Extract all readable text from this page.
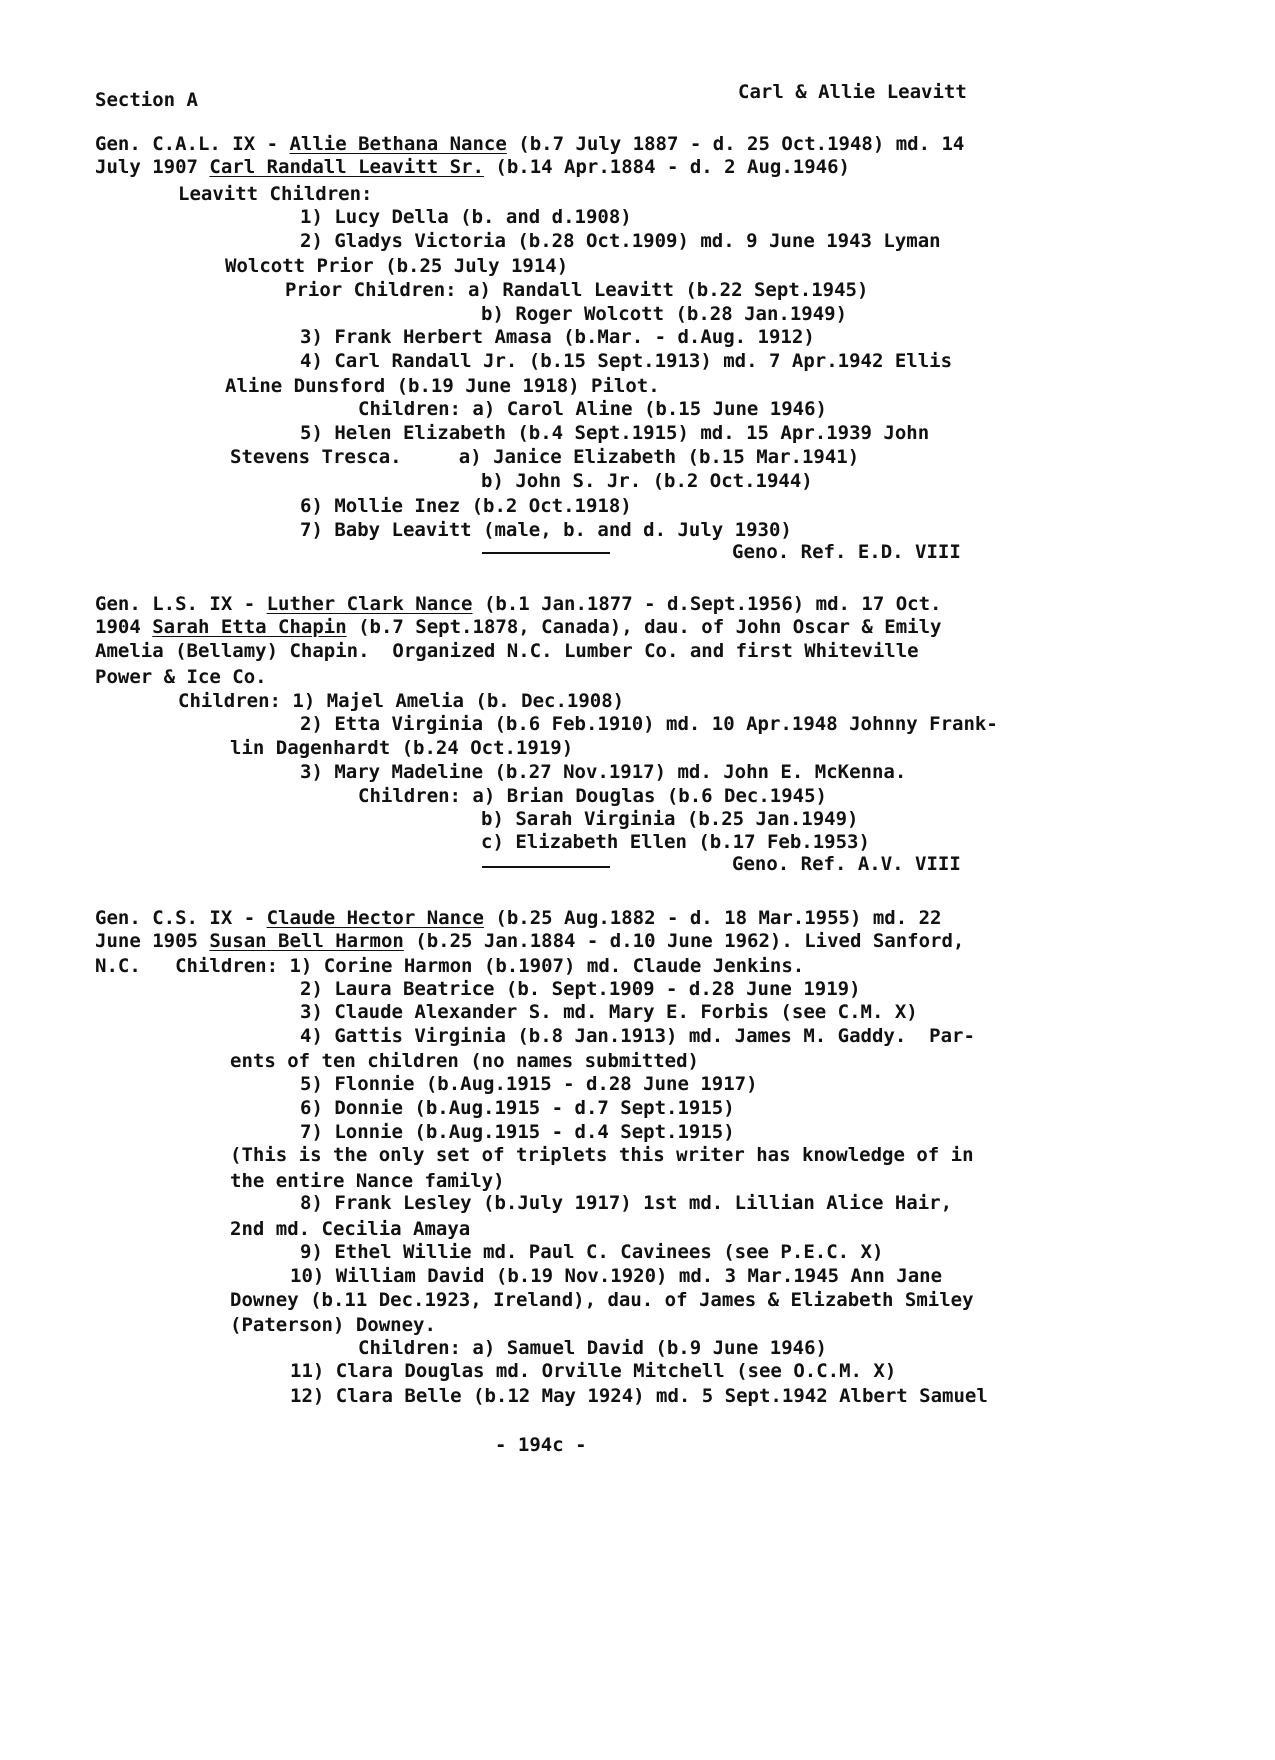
Section A

	Carl & Allie Leavitt

Gen. C.A.L. IX - Allie Bethana Nance (b.7 July 1887 - d. 25 Oct.1948) md. 14

July 1907 Carl Randall Leavitt Sr. (b.14 Apr.1884 - d. 2 Aug.1946)

Leavitt Children:

1) Lucy Della (b. and d.1908)

2) Gladys Victoria (b.28 Oct.1909) md. 9 June 1943 Lyman

Wolcott Prior (b.25 July 1914)

Prior Children: a) Randall Leavitt (b.22 Sept.1945)

b) Roger Wolcott (b.28 Jan.1949)

3) Frank Herbert Amasa (b.Mar. - d.Aug. 1912)

4) Carl Randall Jr. (b.15 Sept.1913) md. 7 Apr.1942 Ellis

Aline Dunsford (b.19 June 1918) Pilot.

Children: a) Carol Aline (b.15 June 1946)

5) Helen Elizabeth (b.4 Sept.1915) md. 15 Apr.1939 John

Stevens Tresca.     a) Janice Elizabeth (b.15 Mar.1941)

b) John S. Jr. (b.2 Oct.1944)

6) Mollie Inez (b.2 Oct.1918)

7) Baby Leavitt (male, b. and d. July 1930)

Geno. Ref. E.D. VIII

Gen. L.S. IX - Luther Clark Nance (b.1 Jan.1877 - d.Sept.1956) md. 17 Oct.

1904 Sarah Etta Chapin (b.7 Sept.1878, Canada), dau. of John Oscar & Emily

Amelia (Bellamy) Chapin.  Organized N.C. Lumber Co. and first Whiteville

Power & Ice Co.

Children: 1) Majel Amelia (b. Dec.1908)

2) Etta Virginia (b.6 Feb.1910) md. 10 Apr.1948 Johnny Frank-

lin Dagenhardt (b.24 Oct.1919)

3) Mary Madeline (b.27 Nov.1917) md. John E. McKenna.

Children: a) Brian Douglas (b.6 Dec.1945)

b) Sarah Virginia (b.25 Jan.1949)

c) Elizabeth Ellen (b.17 Feb.1953)

Geno. Ref. A.V. VIII

Gen. C.S. IX - Claude Hector Nance (b.25 Aug.1882 - d. 18 Mar.1955) md. 22

June 1905 Susan Bell Harmon (b.25 Jan.1884 - d.10 June 1962). Lived Sanford,

N.C.   Children: 1) Corine Harmon (b.1907) md. Claude Jenkins.

2) Laura Beatrice (b. Sept.1909 - d.28 June 1919)

3) Claude Alexander S. md. Mary E. Forbis (see C.M. X)

4) Gattis Virginia (b.8 Jan.1913) md. James M. Gaddy.  Par-

ents of ten children (no names submitted)

5) Flonnie (b.Aug.1915 - d.28 June 1917)

6) Donnie (b.Aug.1915 - d.7 Sept.1915)

7) Lonnie (b.Aug.1915 - d.4 Sept.1915)

(This is the only set of triplets this writer has knowledge of in

the entire Nance family)

8) Frank Lesley (b.July 1917) 1st md. Lillian Alice Hair,

2nd md. Cecilia Amaya

9) Ethel Willie md. Paul C. Cavinees (see P.E.C. X)

10) William David (b.19 Nov.1920) md. 3 Mar.1945 Ann Jane

Downey (b.11 Dec.1923, Ireland), dau. of James & Elizabeth Smiley

(Paterson) Downey.

Children: a) Samuel David (b.9 June 1946)

11) Clara Douglas md. Orville Mitchell (see O.C.M. X)

12) Clara Belle (b.12 May 1924) md. 5 Sept.1942 Albert Samuel

- 194c -
